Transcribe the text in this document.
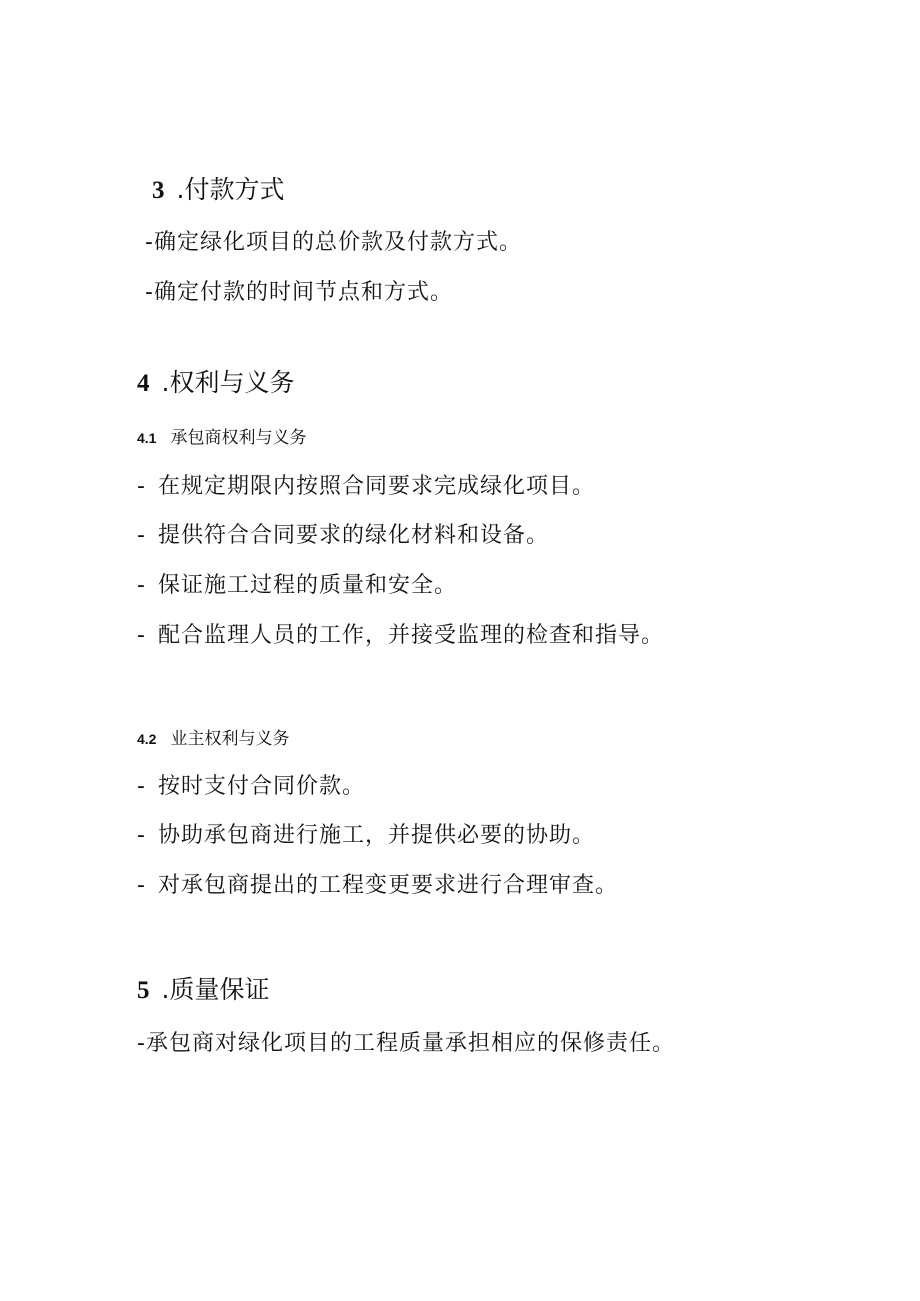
3 .付款方式
-确定绿化项目的总价款及付款方式。
-确定付款的时间节点和方式。
4 .权利与义务
4.1 承包商权利与义务
- 在规定期限内按照合同要求完成绿化项目。
- 提供符合合同要求的绿化材料和设备。
- 保证施工过程的质量和安全。
- 配合监理人员的工作，并接受监理的检查和指导。
4.2 业主权利与义务
- 按时支付合同价款。
- 协助承包商进行施工，并提供必要的协助。
- 对承包商提出的工程变更要求进行合理审查。
5 .质量保证
-承包商对绿化项目的工程质量承担相应的保修责任。
